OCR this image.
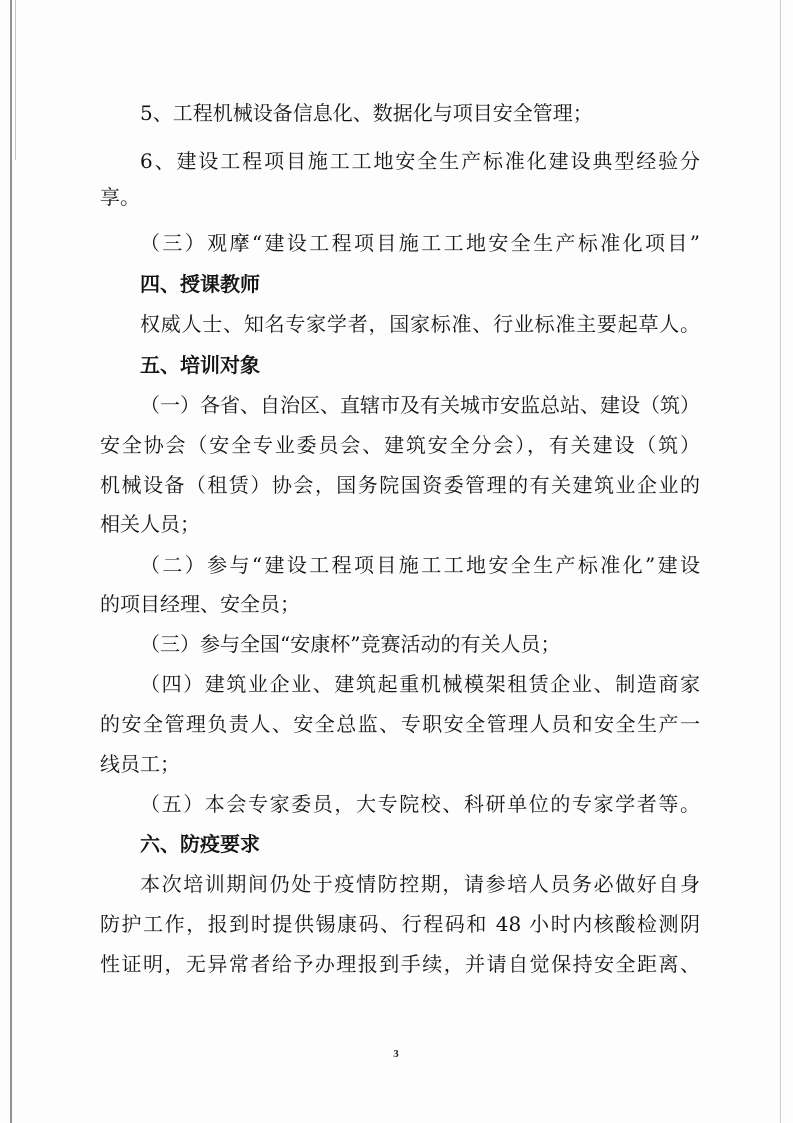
5、工程机械设备信息化、数据化与项目安全管理；
6、建设工程项目施工工地安全生产标准化建设典型经验分
享。
（三）观摩“建设工程项目施工工地安全生产标准化项目”
四、授课教师
权威人士、知名专家学者，国家标准、行业标准主要起草人。
五、培训对象
（一）各省、自治区、直辖市及有关城市安监总站、建设（筑）
安全协会（安全专业委员会、建筑安全分会），有关建设（筑）
机械设备（租赁）协会，国务院国资委管理的有关建筑业企业的
相关人员；
（二）参与“建设工程项目施工工地安全生产标准化”建设
的项目经理、安全员；
（三）参与全国“安康杯”竞赛活动的有关人员；
（四）建筑业企业、建筑起重机械模架租赁企业、制造商家
的安全管理负责人、安全总监、专职安全管理人员和安全生产一
线员工；
（五）本会专家委员，大专院校、科研单位的专家学者等。
六、防疫要求
本次培训期间仍处于疫情防控期，请参培人员务必做好自身
防护工作，报到时提供锡康码、行程码和 48 小时内核酸检测阴
性证明，无异常者给予办理报到手续，并请自觉保持安全距离、
3
